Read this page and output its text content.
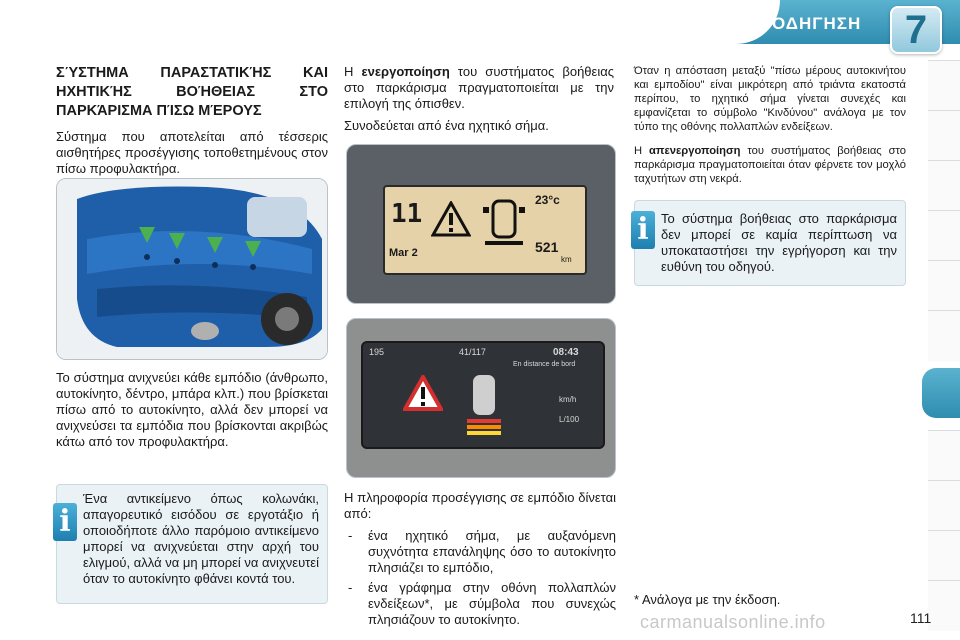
ΟΔΗΓΗΣΗ	7
ΣΎΣΤΗΜΑ ΠΑΡΑΣΤΑΤΙΚΉΣ ΚΑΙ ΗΧΗΤΙΚΉΣ ΒΟΉΘΕΙΑΣ ΣΤΟ ΠΑΡΚΆΡΙΣΜΑ ΠΊΣΩ ΜΈΡΟΥΣ

Σύστημα που αποτελείται από τέσσερις αισθητήρες προσέγγισης τοποθετημένους στον πίσω προφυλακτήρα.

Το σύστημα ανιχνεύει κάθε εμπόδιο (άνθρωπο, αυτοκίνητο, δέντρο, μπάρα κλπ.) που βρίσκεται πίσω από το αυτοκίνητο, αλλά δεν μπορεί να ανιχνεύσει τα εμπόδια που βρίσκονται ακριβώς κάτω από τον προφυλακτήρα.

i
Ένα αντικείμενο όπως κολωνάκι, απαγορευτικό εισόδου σε εργοτάξιο ή οποιοδήποτε άλλο παρόμοιο αντικείμενο μπορεί να ανιχνεύεται στην αρχή του ελιγμού, αλλά να μη μπορεί να ανιχνευτεί όταν το αυτοκίνητο φθάνει κοντά του.

Η ενεργοποίηση του συστήματος βοήθειας στο παρκάρισμα πραγματοποιείται με την επιλογή της όπισθεν.

Συνοδεύεται από ένα ηχητικό σήμα.

11
Mar 2
23°c
521
km
195	41/117	08:43
En distance de bord
km/h
L/100

Η πληροφορία προσέγγισης σε εμπόδιο δίνεται από:

- ένα ηχητικό σήμα, με αυξανόμενη συχνότητα επανάληψης όσο το αυτοκίνητο πλησιάζει το εμπόδιο,
- ένα γράφημα στην οθόνη πολλαπλών ενδείξεων*, με σύμβολα που συνεχώς πλησιάζουν το αυτοκίνητο.
Όταν η απόσταση μεταξύ "πίσω μέρους αυτοκινήτου και εμποδίου" είναι μικρότερη από τριάντα εκατοστά περίπου, το ηχητικό σήμα γίνεται συνεχές και εμφανίζεται το σύμβολο "Κινδύνου" ανάλογα με τον τύπο της οθόνης πολλαπλών ενδείξεων.
Η απενεργοποίηση του συστήματος βοήθειας στο παρκάρισμα πραγματοποιείται όταν φέρνετε τον μοχλό ταχυτήτων στη νεκρά.
i Το σύστημα βοήθειας στο παρκάρισμα δεν μπορεί σε καμία περίπτωση να υποκαταστήσει την εγρήγορση και την ευθύνη του οδηγού.
* Ανάλογα με την έκδοση.
carmanualsonline.info	111
